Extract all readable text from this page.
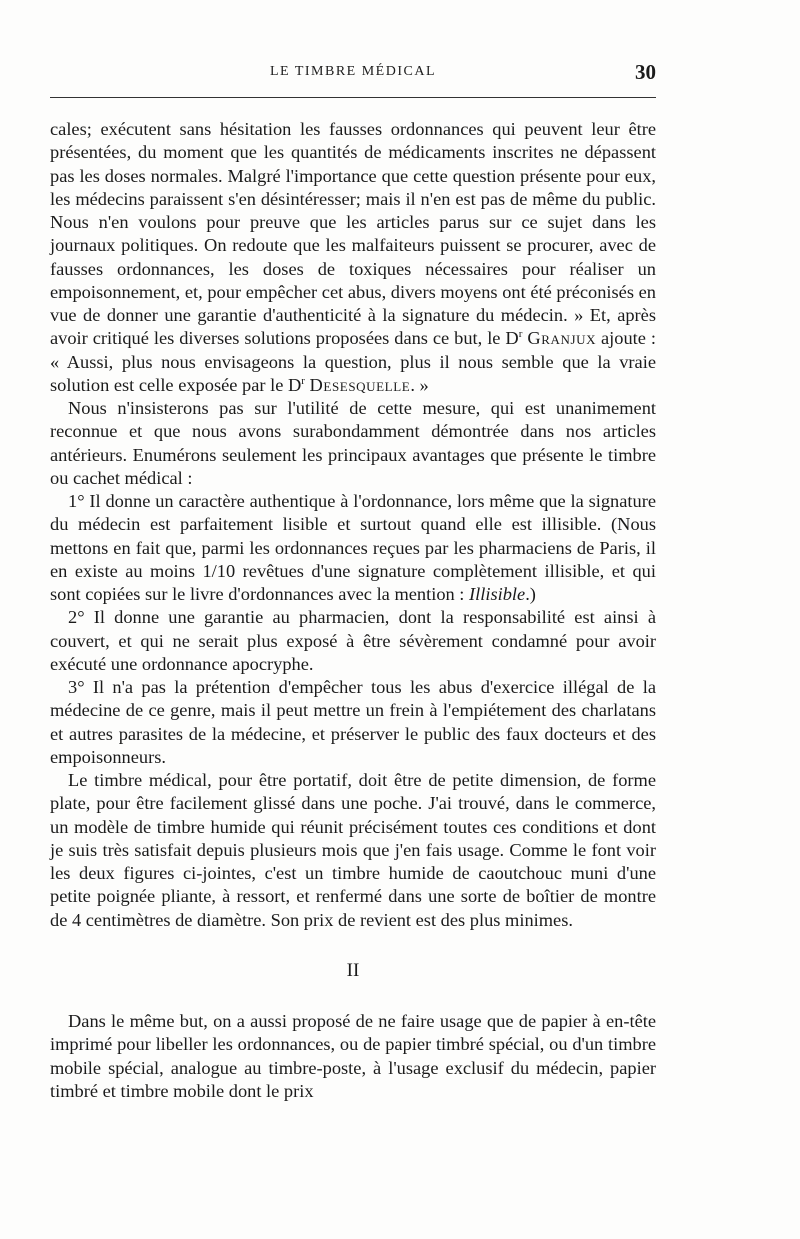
LE TIMBRE MÉDICAL	30

cales; exécutent sans hésitation les fausses ordonnances qui peuvent leur être présentées, du moment que les quantités de médicaments inscrites ne dépassent pas les doses normales. Malgré l'importance que cette question présente pour eux, les médecins paraissent s'en désintéresser; mais il n'en est pas de même du public. Nous n'en voulons pour preuve que les articles parus sur ce sujet dans les journaux politiques. On redoute que les malfaiteurs puissent se procurer, avec de fausses ordonnances, les doses de toxiques nécessaires pour réaliser un empoisonnement, et, pour empêcher cet abus, divers moyens ont été préconisés en vue de donner une garantie d'authenticité à la signature du médecin. » Et, après avoir critiqué les diverses solutions proposées dans ce but, le $D^r$ Granjux ajoute : « Aussi, plus nous envisageons la question, plus il nous semble que la vraie solution est celle exposée par le $D^r$ Desesquelle. »

Nous n'insisterons pas sur l'utilité de cette mesure, qui est unanimement reconnue et que nous avons surabondamment démontrée dans nos articles antérieurs. Enumérons seulement les principaux avantages que présente le timbre ou cachet médical :

1° Il donne un caractère authentique à l'ordonnance, lors même que la signature du médecin est parfaitement lisible et surtout quand elle est illisible. (Nous mettons en fait que, parmi les ordonnances reçues par les pharmaciens de Paris, il en existe au moins 1/10 revêtues d'une signature complètement illisible, et qui sont copiées sur le livre d'ordonnances avec la mention : Illisible.)

2° Il donne une garantie au pharmacien, dont la responsabilité est ainsi à couvert, et qui ne serait plus exposé à être sévèrement condamné pour avoir exécuté une ordonnance apocryphe.

3° Il n'a pas la prétention d'empêcher tous les abus d'exercice illégal de la médecine de ce genre, mais il peut mettre un frein à l'empiétement des charlatans et autres parasites de la médecine, et préserver le public des faux docteurs et des empoisonneurs.

Le timbre médical, pour être portatif, doit être de petite dimension, de forme plate, pour être facilement glissé dans une poche. J'ai trouvé, dans le commerce, un modèle de timbre humide qui réunit précisément toutes ces conditions et dont je suis très satisfait depuis plusieurs mois que j'en fais usage. Comme le font voir les deux figures ci-jointes, c'est un timbre humide de caoutchouc muni d'une petite poignée pliante, à ressort, et renfermé dans une sorte de boîtier de montre de 4 centimètres de diamètre. Son prix de revient est des plus minimes.

II

Dans le même but, on a aussi proposé de ne faire usage que de papier à en-tête imprimé pour libeller les ordonnances, ou de papier timbré spécial, ou d'un timbre mobile spécial, analogue au timbre-poste, à l'usage exclusif du médecin, papier timbré et timbre mobile dont le prix
